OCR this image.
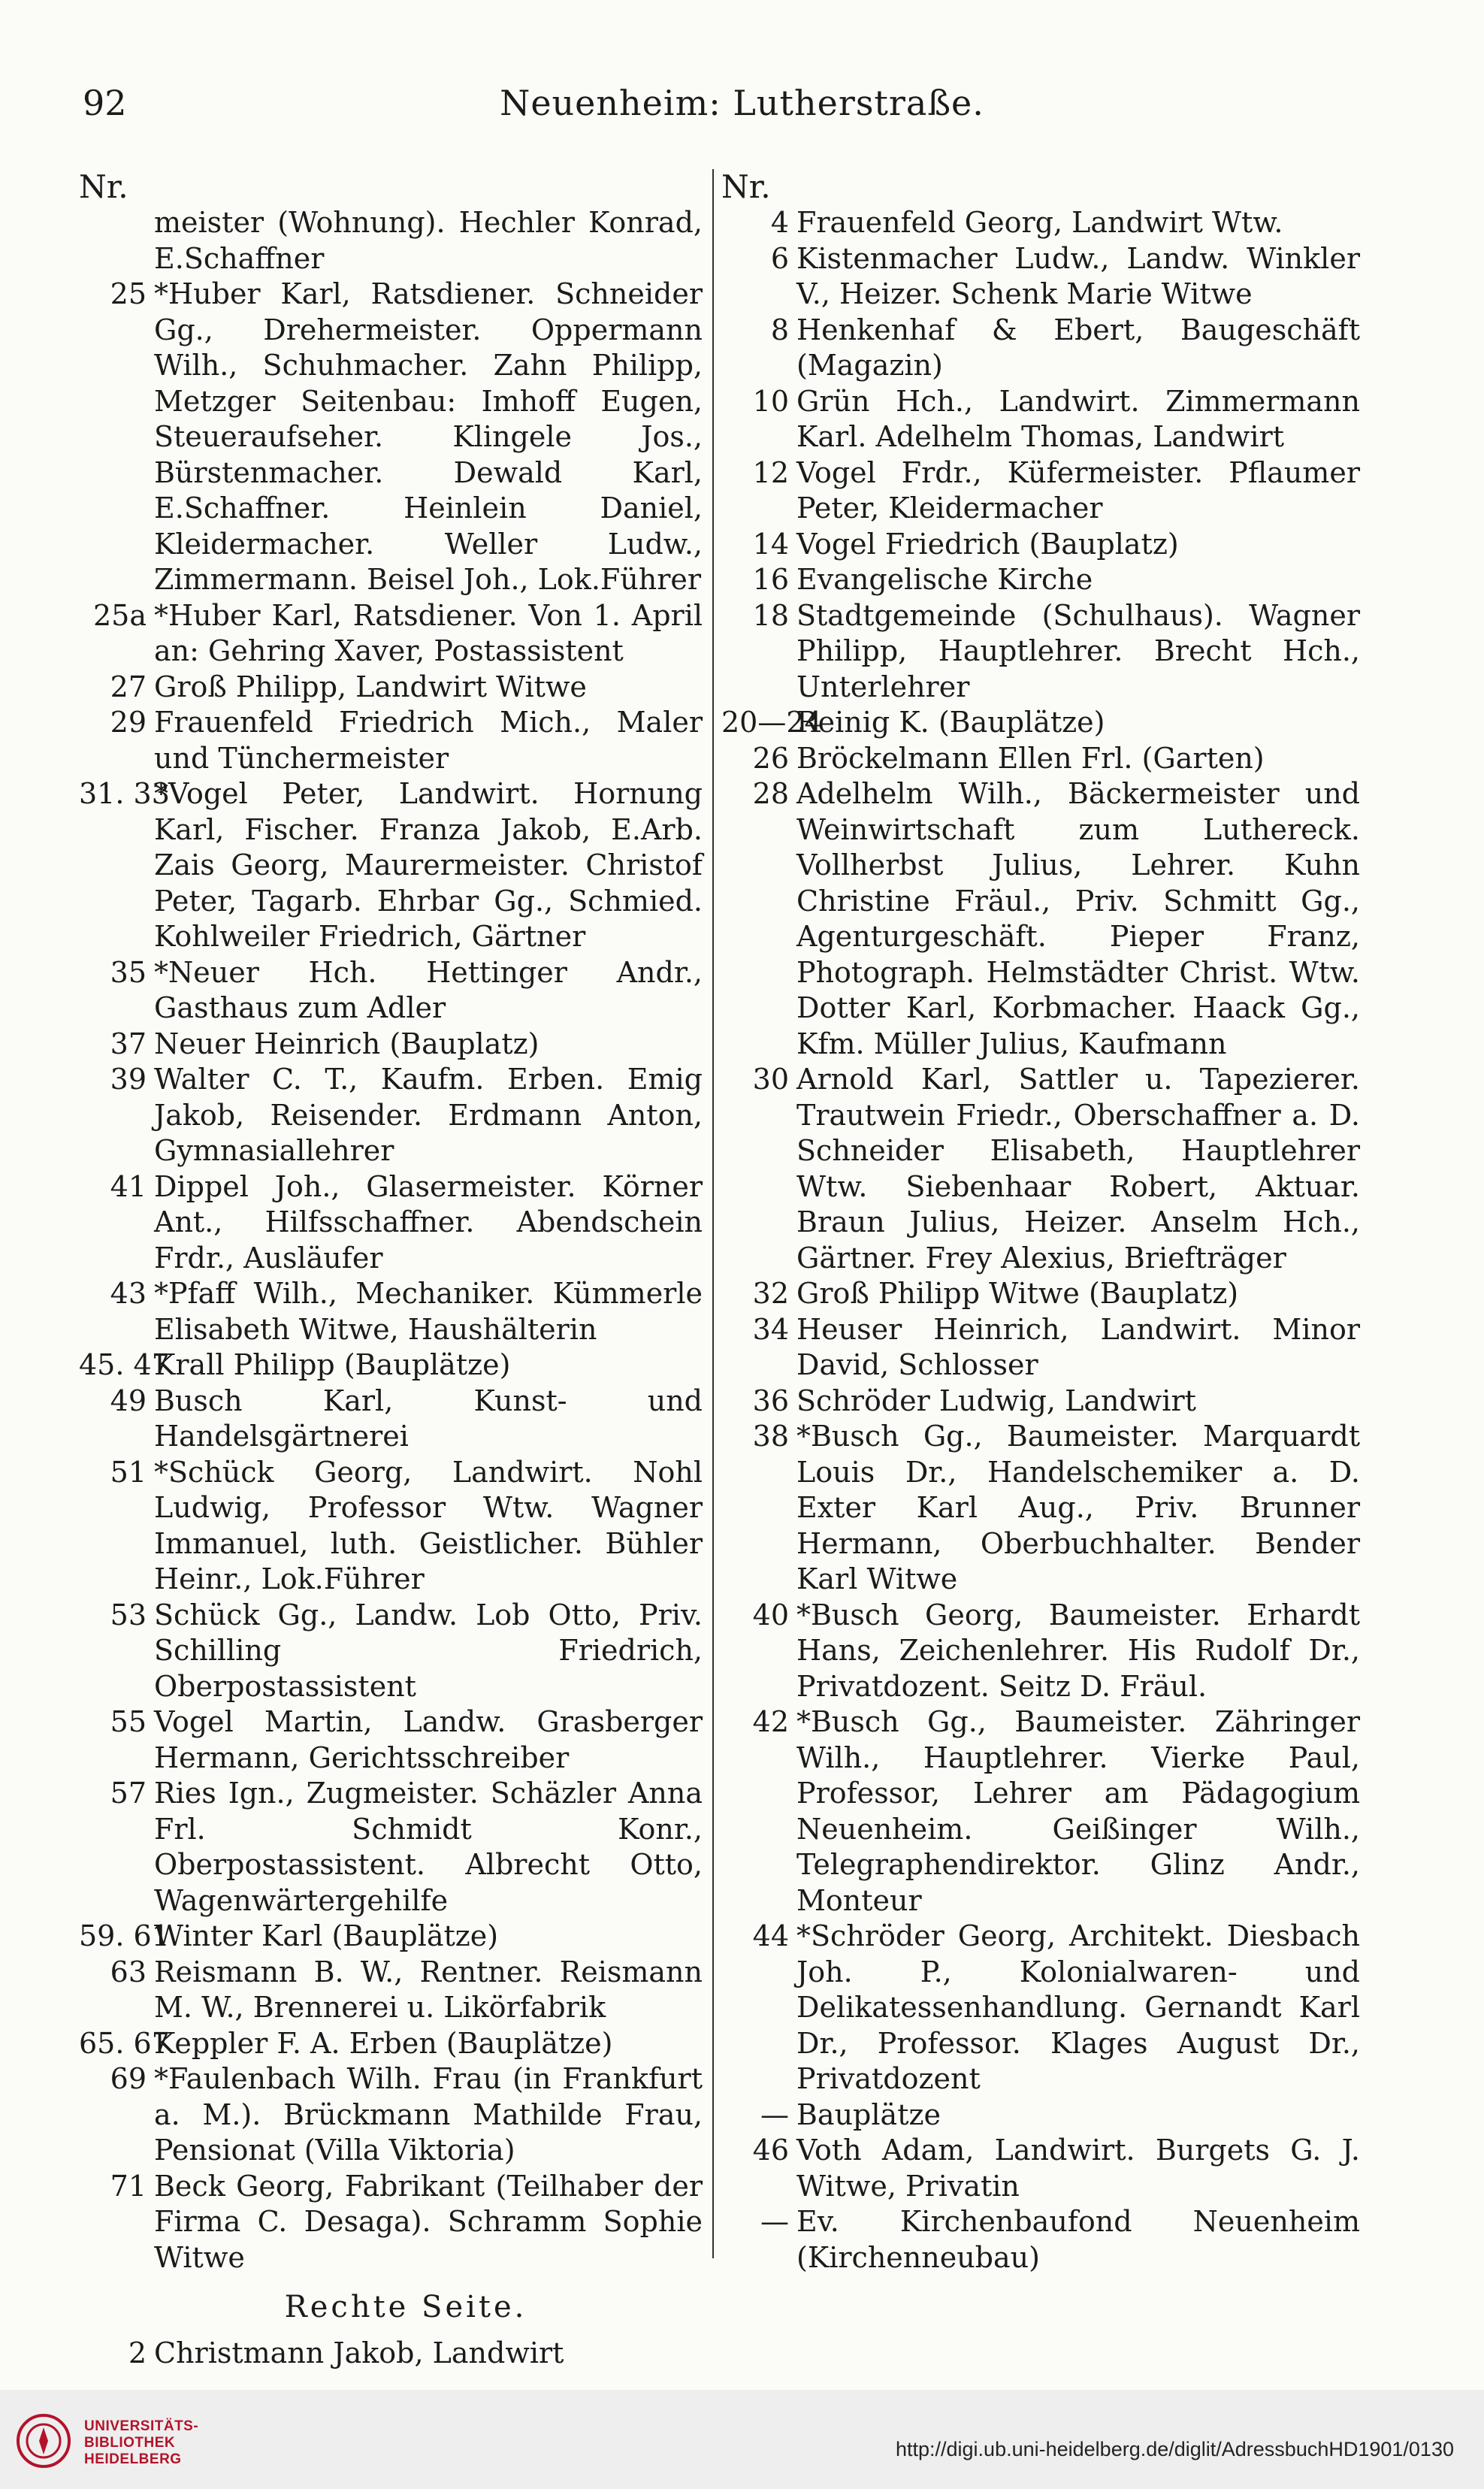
92	Neuenheim: Lutherstraße.
Nr.
meister (Wohnung). Hechler Konrad, E.Schaffner
25 *Huber Karl, Ratsdiener. Schneider Gg., Drehermeister. Oppermann Wilh., Schuhmacher. Zahn Philipp, Metzger Seitenbau: Imhoff Eugen, Steueraufseher. Klingele Jos., Bürstenmacher. Dewald Karl, E.Schaffner. Heinlein Daniel, Kleidermacher. Weller Ludw., Zimmermann. Beisel Joh., Lok.Führer
25a *Huber Karl, Ratsdiener. Von 1. April an: Gehring Xaver, Postassistent
27 Groß Philipp, Landwirt Witwe
29 Frauenfeld Friedrich Mich., Maler und Tünchermeister
31. 33
*Vogel Peter, Landwirt. Hornung Karl, Fischer. Franza Jakob, E.Arb. Zais Georg, Maurermeister. Christof Peter, Tagarb. Ehrbar Gg., Schmied. Kohlweiler Friedrich, Gärtner
35 *Neuer Hch. Hettinger Andr., Gasthaus zum Adler
37 Neuer Heinrich (Bauplatz)
39 Walter C. T., Kaufm. Erben. Emig Jakob, Reisender. Erdmann Anton, Gymnasiallehrer
41 Dippel Joh., Glasermeister. Körner Ant., Hilfsschaffner. Abendschein Frdr., Ausläufer
43 *Pfaff Wilh., Mechaniker. Kümmerle Elisabeth Witwe, Haushälterin
45. 47
Krall Philipp (Bauplätze)
49 Busch Karl, Kunst- und Handelsgärtnerei
51 *Schück Georg, Landwirt. Nohl Ludwig, Professor Wtw. Wagner Immanuel, luth. Geistlicher. Bühler Heinr., Lok.Führer
53 Schück Gg., Landw. Lob Otto, Priv. Schilling Friedrich, Oberpostassistent
55 Vogel Martin, Landw. Grasberger Hermann, Gerichtsschreiber
57 Ries Ign., Zugmeister. Schäzler Anna Frl. Schmidt Konr., Oberpostassistent. Albrecht Otto, Wagenwärtergehilfe
59. 61
Winter Karl (Bauplätze)
63 Reismann B. W., Rentner. Reismann M. W., Brennerei u. Likörfabrik
65. 67
Keppler F. A. Erben (Bauplätze)
69 *Faulenbach Wilh. Frau (in Frankfurt a. M.). Brückmann Mathilde Frau, Pensionat (Villa Viktoria)
71 Beck Georg, Fabrikant (Teilhaber der Firma C. Desaga). Schramm Sophie Witwe
Rechte Seite.
2 Christmann Jakob, Landwirt
Nr.
4 Frauenfeld Georg, Landwirt Wtw.
6 Kistenmacher Ludw., Landw. Winkler V., Heizer. Schenk Marie Witwe
8 Henkenhaf & Ebert, Baugeschäft (Magazin)
10 Grün Hch., Landwirt. Zimmermann Karl. Adelhelm Thomas, Landwirt
12 Vogel Frdr., Küfermeister. Pflaumer Peter, Kleidermacher
14 Vogel Friedrich (Bauplatz)
16 Evangelische Kirche
18 Stadtgemeinde (Schulhaus). Wagner Philipp, Hauptlehrer. Brecht Hch., Unterlehrer
20—24
Reinig K. (Bauplätze)
26 Bröckelmann Ellen Frl. (Garten)
28 Adelhelm Wilh., Bäckermeister und Weinwirtschaft zum Luthereck. Vollherbst Julius, Lehrer. Kuhn Christine Fräul., Priv. Schmitt Gg., Agenturgeschäft. Pieper Franz, Photograph. Helmstädter Christ. Wtw. Dotter Karl, Korbmacher. Haack Gg., Kfm. Müller Julius, Kaufmann
30 Arnold Karl, Sattler u. Tapezierer. Trautwein Friedr., Oberschaffner a. D. Schneider Elisabeth, Hauptlehrer Wtw. Siebenhaar Robert, Aktuar. Braun Julius, Heizer. Anselm Hch., Gärtner. Frey Alexius, Briefträger
32 Groß Philipp Witwe (Bauplatz)
34 Heuser Heinrich, Landwirt. Minor David, Schlosser
36 Schröder Ludwig, Landwirt
38 *Busch Gg., Baumeister. Marquardt Louis Dr., Handelschemiker a. D. Exter Karl Aug., Priv. Brunner Hermann, Oberbuchhalter. Bender Karl Witwe
40 *Busch Georg, Baumeister. Erhardt Hans, Zeichenlehrer. His Rudolf Dr., Privatdozent. Seitz D. Fräul.
42 *Busch Gg., Baumeister. Zähringer Wilh., Hauptlehrer. Vierke Paul, Professor, Lehrer am Pädagogium Neuenheim. Geißinger Wilh., Telegraphendirektor. Glinz Andr., Monteur
44 *Schröder Georg, Architekt. Diesbach Joh. P., Kolonialwaren- und Delikatessenhandlung. Gernandt Karl Dr., Professor. Klages August Dr., Privatdozent
— Bauplätze
46 Voth Adam, Landwirt. Burgets G. J. Witwe, Privatin
— Ev. Kirchenbaufond Neuenheim (Kirchenneubau)
UNIVERSITÄTS-
BIBLIOTHEK
HEIDELBERG	http://digi.ub.uni-heidelberg.de/diglit/AdressbuchHD1901/0130
